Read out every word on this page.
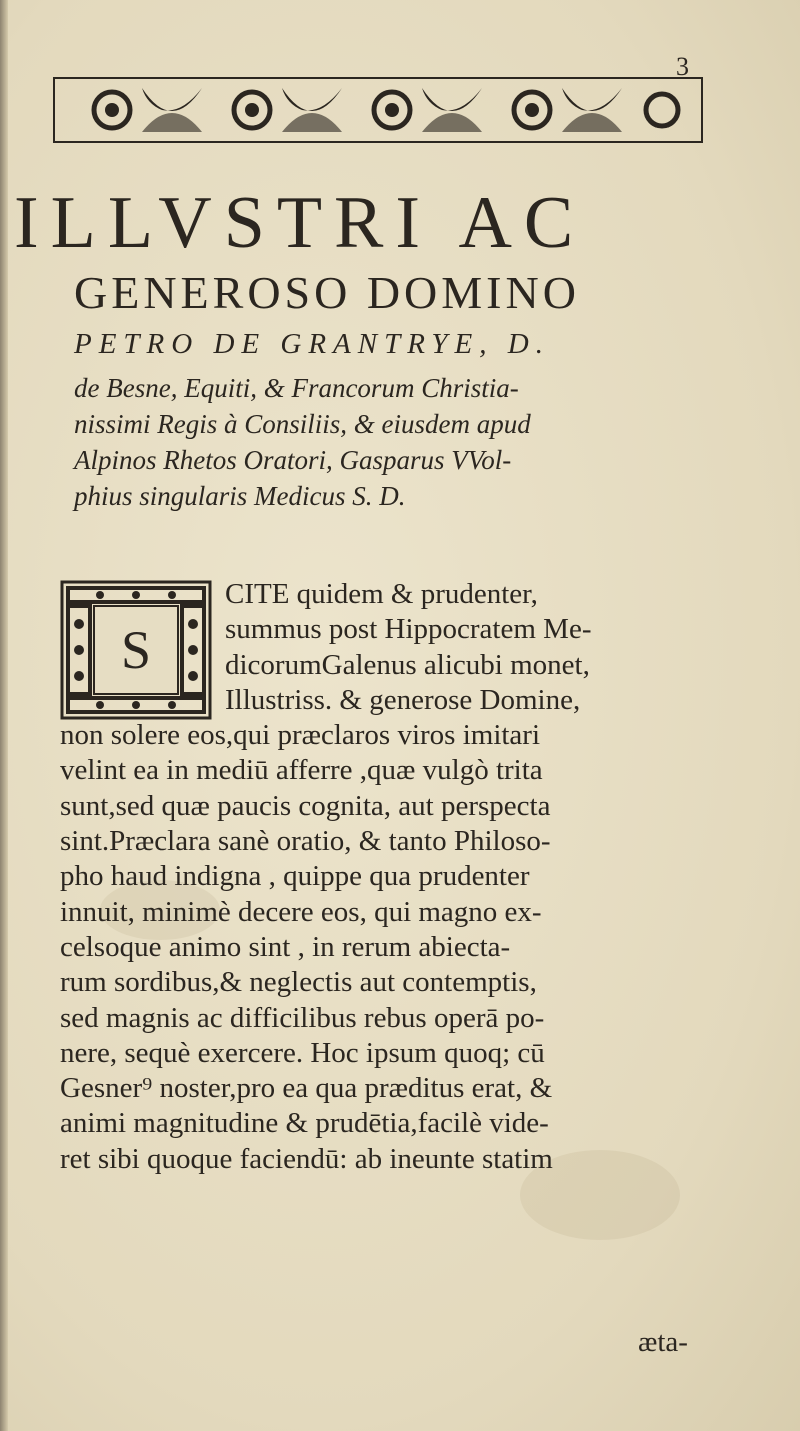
3
ILLVSTRI AC
GENEROSO DOMINO
PETRO DE GRANTRYE, D.
de Besne, Equiti, & Francorum Christia-
nissimi Regis à Consiliis, & eiusdem apud
Alpinos Rhetos Oratori, Gasparus VVol-
phius singularis Medicus S. D.
S
CITE quidem & prudenter,
summus post Hippocratem Me-
dicorumGalenus alicubi monet,
Illustriss. & generose Domine,
non solere eos,qui præclaros viros imitari
velint ea in mediū afferre ,quæ vulgò trita
sunt,sed quæ paucis cognita, aut perspecta
sint.Præclara sanè oratio, & tanto Philoso-
pho haud indigna , quippe qua prudenter
innuit, minimè decere eos, qui magno ex-
celsoque animo sint , in rerum abiecta-
rum sordibus,& neglectis aut contemptis,
sed magnis ac difficilibus rebus operā po-
nere, sequè exercere. Hoc ipsum quoq; cū
Gesner⁹ noster,pro ea qua præditus erat, &
animi magnitudine & prudētia,facilè vide-
ret sibi quoque faciendū: ab ineunte statim
æta-
